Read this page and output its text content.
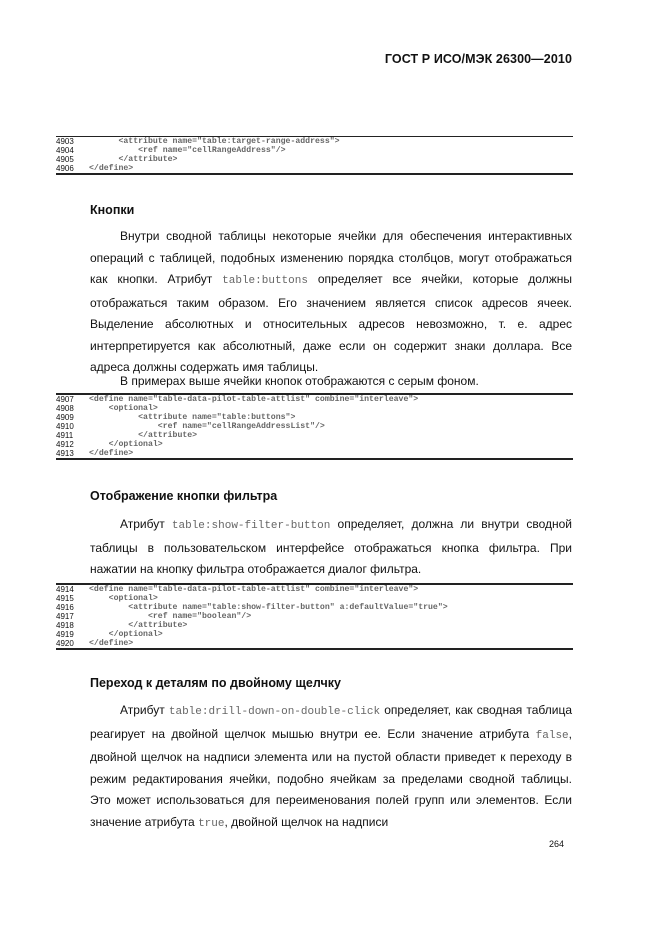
ГОСТ Р ИСО/МЭК 26300—2010
4903	<attribute name="table:target-range-address">
4904	<ref name="cellRangeAddress"/>
4905	</attribute>
4906	</define>
Кнопки
Внутри сводной таблицы некоторые ячейки для обеспечения интерактивных операций с таблицей, подобных изменению порядка столбцов, могут отображаться как кнопки. Атрибут table:buttons определяет все ячейки, которые должны отображаться таким образом. Его значением является список адресов ячеек. Выделение абсолютных и относительных адресов невозможно, т. е. адрес интерпретируется как абсолютный, даже если он содержит знаки доллара. Все адреса должны содержать имя таблицы.
В примерах выше ячейки кнопок отображаются с серым фоном.
4907	<define name="table-data-pilot-table-attlist" combine="interleave">
4908	<optional>
4909	<attribute name="table:buttons">
4910	<ref name="cellRangeAddressList"/>
4911	</attribute>
4912	</optional>
4913	</define>
Отображение кнопки фильтра
Атрибут table:show-filter-button определяет, должна ли внутри сводной таблицы в пользовательском интерфейсе отображаться кнопка фильтра. При нажатии на кнопку фильтра отображается диалог фильтра.
4914	<define name="table-data-pilot-table-attlist" combine="interleave">
4915	<optional>
4916	<attribute name="table:show-filter-button" a:defaultValue="true">
4917	<ref name="boolean"/>
4918	</attribute>
4919	</optional>
4920	</define>
Переход к деталям по двойному щелчку
Атрибут table:drill-down-on-double-click определяет, как сводная таблица реагирует на двойной щелчок мышью внутри ее. Если значение атрибута false, двойной щелчок на надписи элемента или на пустой области приведет к переходу в режим редактирования ячейки, подобно ячейкам за пределами сводной таблицы. Это может использоваться для переименования полей групп или элементов. Если значение атрибута true, двойной щелчок на надписи
264
